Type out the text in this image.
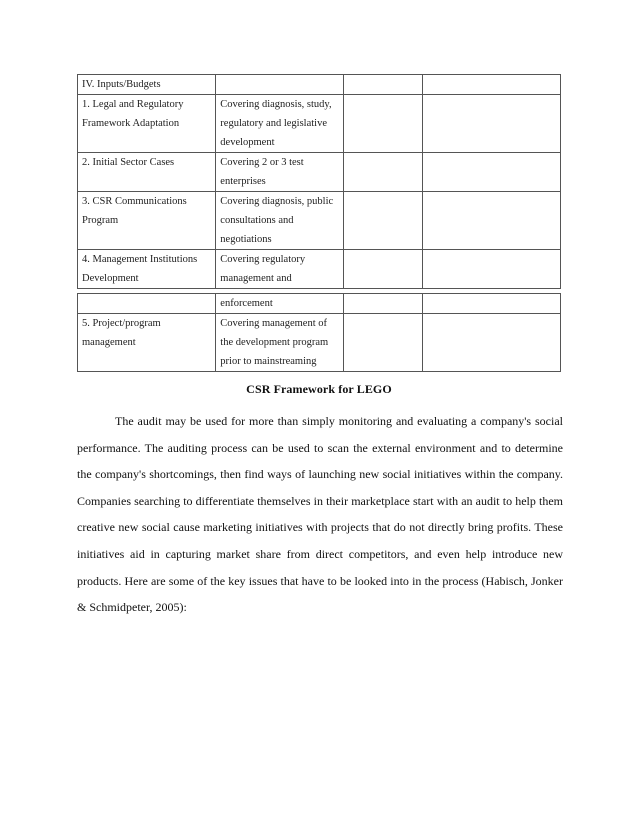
IV. Inputs/Budgets			
1. Legal and Regulatory Framework Adaptation	Covering diagnosis, study, regulatory and legislative development		
2. Initial Sector Cases	Covering 2 or 3 test enterprises		
3. CSR Communications Program	Covering diagnosis, public consultations and negotiations		
4. Management Institutions Development	Covering regulatory management and		
	enforcement		
5. Project/program management	Covering management of the development program prior to mainstreaming		
CSR Framework for LEGO

The audit may be used for more than simply monitoring and evaluating a company's social performance. The auditing process can be used to scan the external environment and to determine the company's shortcomings, then find ways of launching new social initiatives within the company. Companies searching to differentiate themselves in their marketplace start with an audit to help them creative new social cause marketing initiatives with projects that do not directly bring profits. These initiatives aid in capturing market share from direct competitors, and even help introduce new products. Here are some of the key issues that have to be looked into in the process (Habisch, Jonker & Schmidpeter, 2005):
